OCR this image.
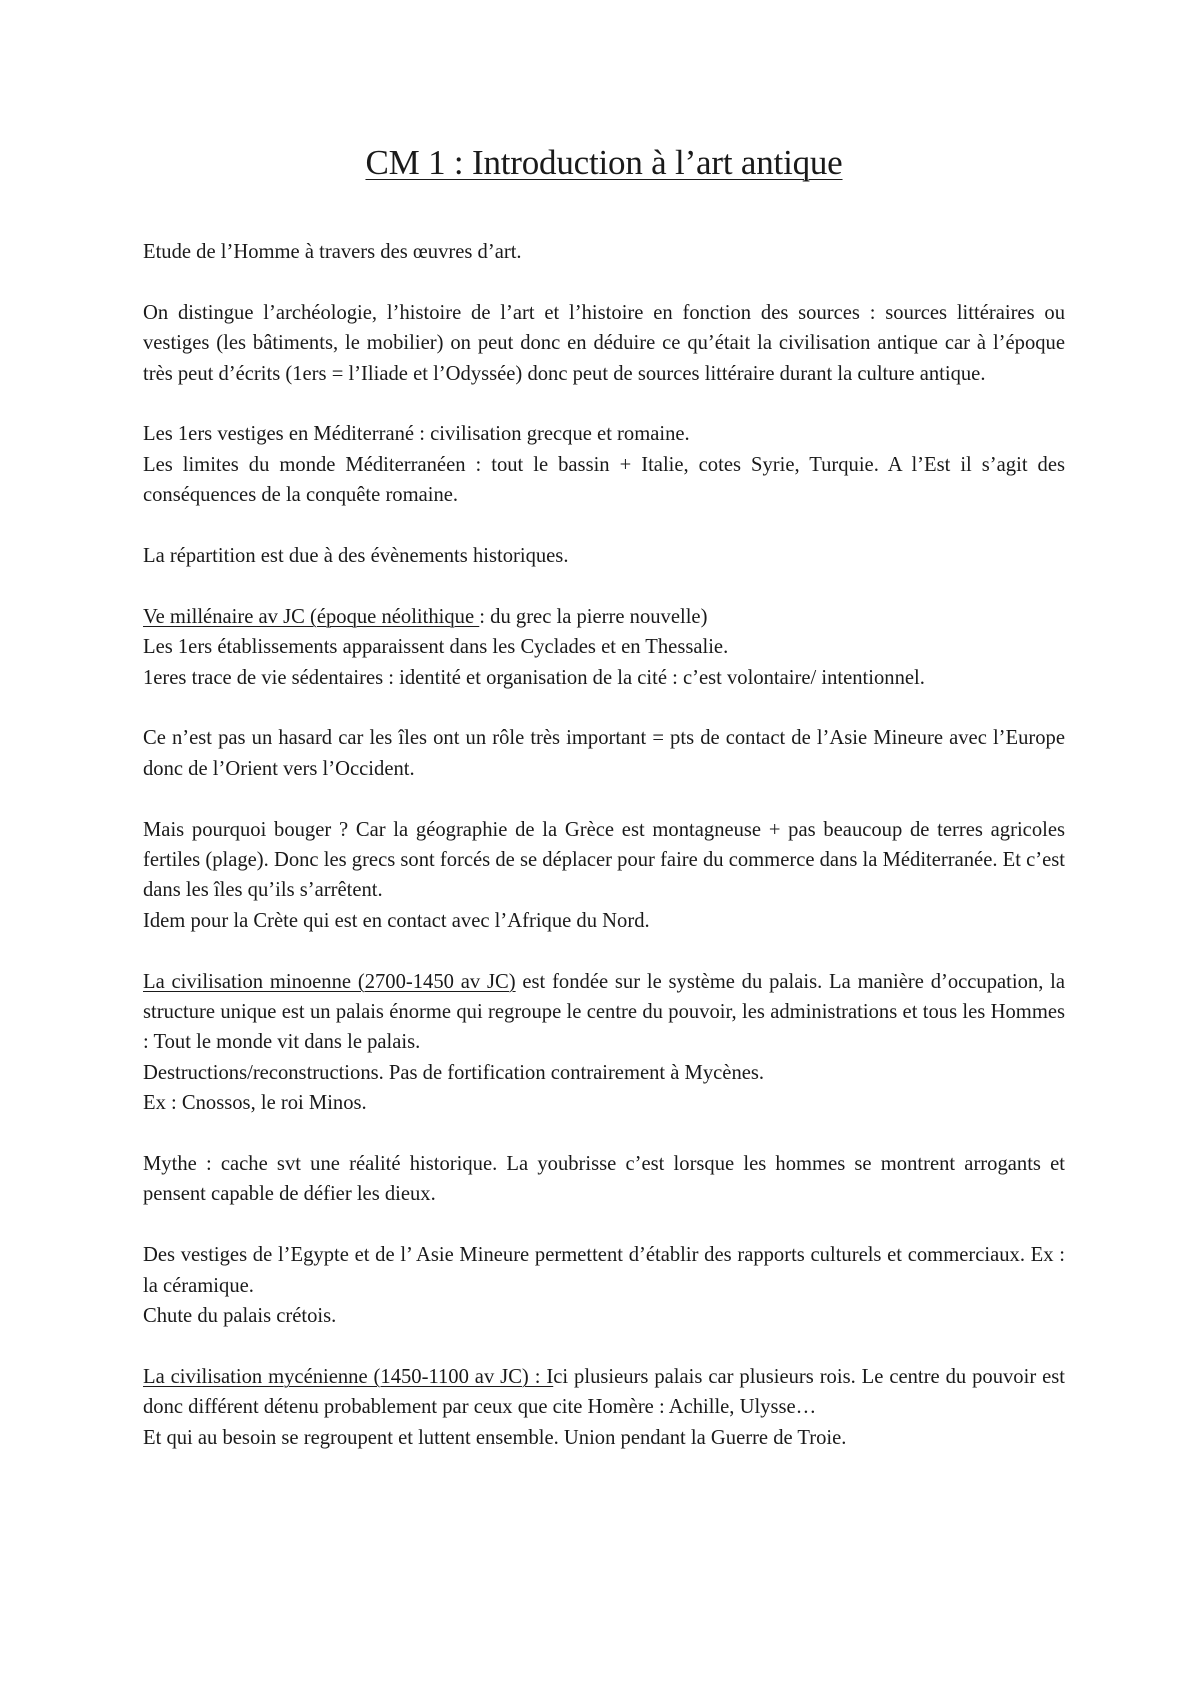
CM 1 : Introduction à l’art antique

Etude de l’Homme à travers des œuvres d’art.

On distingue l’archéologie, l’histoire de l’art et l’histoire en fonction des sources : sources littéraires ou vestiges (les bâtiments, le mobilier) on peut donc en déduire ce qu’était la civilisation antique car à l’époque très peut d’écrits (1ers = l’Iliade et l’Odyssée) donc peut de sources littéraire durant la culture antique.

Les 1ers vestiges en Méditerrané : civilisation grecque et romaine.

Les limites du monde Méditerranéen : tout le bassin + Italie, cotes Syrie, Turquie. A l’Est il s’agit des conséquences de la conquête romaine.

La répartition est due à des évènements historiques.

Ve millénaire av JC (époque néolithique : du grec la pierre nouvelle)

Les 1ers établissements apparaissent dans les Cyclades et en Thessalie.

1eres trace de vie sédentaires : identité et organisation de la cité : c’est volontaire/ intentionnel.

Ce n’est pas un hasard car les îles ont un rôle très important = pts de contact de l’Asie Mineure avec l’Europe donc de l’Orient vers l’Occident.

Mais pourquoi bouger ? Car la géographie de la Grèce est montagneuse + pas beaucoup de terres agricoles fertiles (plage). Donc les grecs sont forcés de se déplacer pour faire du commerce dans la Méditerranée. Et c’est dans les îles qu’ils s’arrêtent.

Idem pour la Crète qui est en contact avec l’Afrique du Nord.

La civilisation minoenne (2700-1450 av JC) est fondée sur le système du palais. La manière d’occupation, la structure unique est un palais énorme qui regroupe le centre du pouvoir, les administrations et tous les Hommes : Tout le monde vit dans le palais.

Destructions/reconstructions. Pas de fortification contrairement à Mycènes.

Ex : Cnossos, le roi Minos.

Mythe : cache svt une réalité historique. La youbrisse c’est lorsque les hommes se montrent arrogants et pensent capable de défier les dieux.

Des vestiges de l’Egypte et de l’ Asie Mineure permettent d’établir des rapports culturels et commerciaux. Ex : la céramique.

Chute du palais crétois.

La civilisation mycénienne (1450-1100 av JC) : Ici plusieurs palais car plusieurs rois. Le centre du pouvoir est donc différent détenu probablement par ceux que cite Homère : Achille, Ulysse…

Et qui au besoin se regroupent et luttent ensemble. Union pendant la Guerre de Troie.
